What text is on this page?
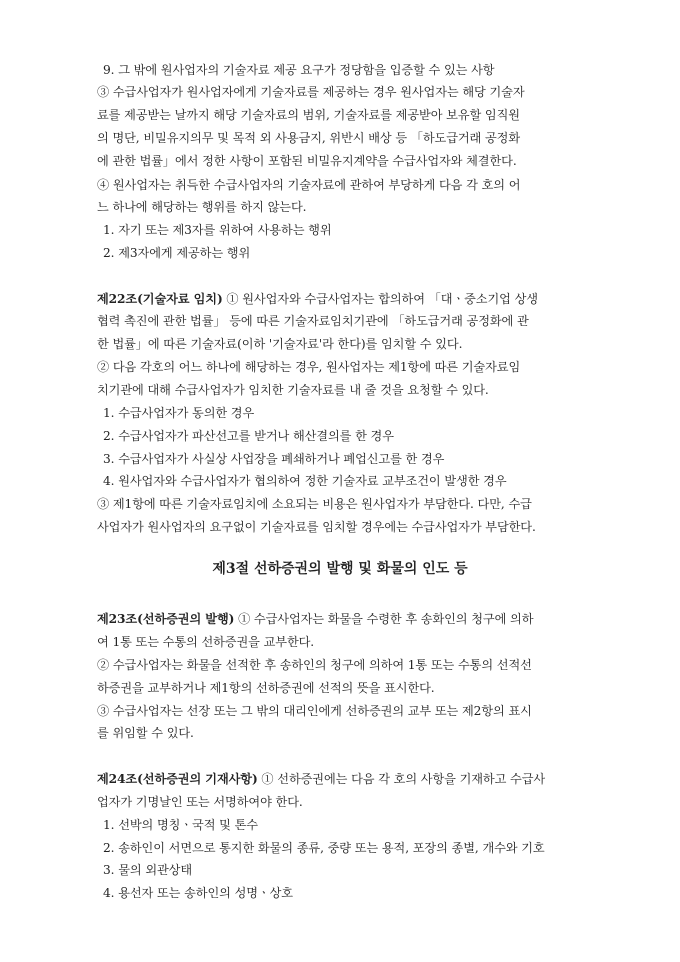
9. 그 밖에 원사업자의 기술자료 제공 요구가 정당함을 입증할 수 있는 사항
③ 수급사업자가 원사업자에게 기술자료를 제공하는 경우 원사업자는 해당 기술자
료를 제공받는 날까지 해당 기술자료의 범위, 기술자료를 제공받아 보유할 임직원
의 명단, 비밀유지의무 및 목적 외 사용금지, 위반시 배상 등 「하도급거래 공정화
에 관한 법률」에서 정한 사항이 포함된 비밀유지계약을 수급사업자와 체결한다.
④ 원사업자는 취득한 수급사업자의 기술자료에 관하여 부당하게 다음 각 호의 어
느 하나에 해당하는 행위를 하지 않는다.
1. 자기 또는 제3자를 위하여 사용하는 행위
2. 제3자에게 제공하는 행위
제22조(기술자료 임치) ① 원사업자와 수급사업자는 합의하여 「대ㆍ중소기업 상생
협력 촉진에 관한 법률」 등에 따른 기술자료임치기관에 「하도급거래 공정화에 관
한 법률」에 따른 기술자료(이하 '기술자료'라 한다)를 임치할 수 있다.
② 다음 각호의 어느 하나에 해당하는 경우, 원사업자는 제1항에 따른 기술자료임
치기관에 대해 수급사업자가 임치한 기술자료를 내 줄 것을 요청할 수 있다.
1. 수급사업자가 동의한 경우
2. 수급사업자가 파산선고를 받거나 해산결의를 한 경우
3. 수급사업자가 사실상 사업장을 폐쇄하거나 폐업신고를 한 경우
4. 원사업자와 수급사업자가 협의하여 정한 기술자료 교부조건이 발생한 경우
③ 제1항에 따른 기술자료임치에 소요되는 비용은 원사업자가 부담한다. 다만, 수급
사업자가 원사업자의 요구없이 기술자료를 임치할 경우에는 수급사업자가 부담한다.
제3절 선하증권의 발행 및 화물의 인도 등
제23조(선하증권의 발행) ① 수급사업자는 화물을 수령한 후 송화인의 청구에 의하
여 1통 또는 수통의 선하증권을 교부한다.
② 수급사업자는 화물을 선적한 후 송하인의 청구에 의하여 1통 또는 수통의 선적선
하증권을 교부하거나 제1항의 선하증권에 선적의 뜻을 표시한다.
③ 수급사업자는 선장 또는 그 밖의 대리인에게 선하증권의 교부 또는 제2항의 표시
를 위임할 수 있다.
제24조(선하증권의 기재사항) ① 선하증권에는 다음 각 호의 사항을 기재하고 수급사
업자가 기명날인 또는 서명하여야 한다.
1. 선박의 명칭ㆍ국적 및 톤수
2. 송하인이 서면으로 통지한 화물의 종류, 중량 또는 용적, 포장의 종별, 개수와 기호
3. 물의 외관상태
4. 용선자 또는 송하인의 성명ㆍ상호
